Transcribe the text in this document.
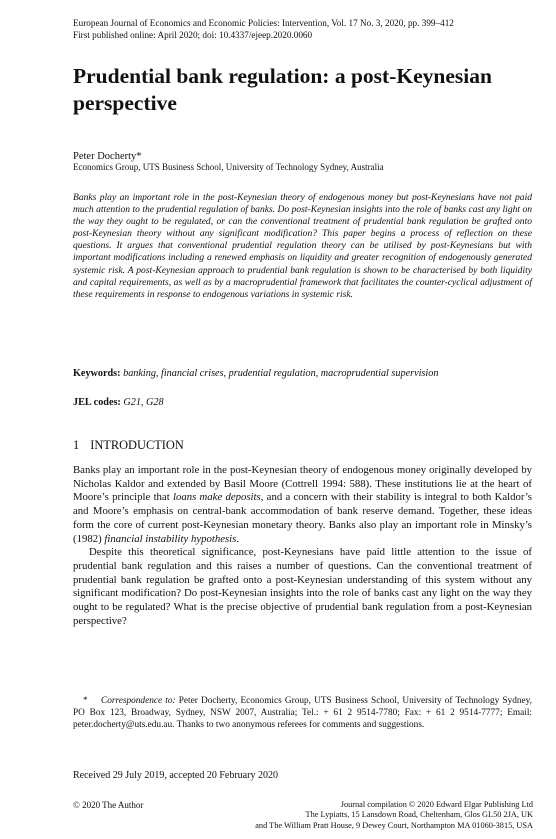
European Journal of Economics and Economic Policies: Intervention, Vol. 17 No. 3, 2020, pp. 399–412
First published online: April 2020; doi: 10.4337/ejeep.2020.0060
Prudential bank regulation: a post-Keynesian
perspective
Peter Docherty*
Economics Group, UTS Business School, University of Technology Sydney, Australia

Banks play an important role in the post-Keynesian theory of endogenous money but post-Keynesians have not paid much attention to the prudential regulation of banks. Do post-Keynesian insights into the role of banks cast any light on the way they ought to be regulated, or can the conventional treatment of prudential bank regulation be grafted onto post-Keynesian theory without any significant modification? This paper begins a process of reflection on these questions. It argues that conventional prudential regulation theory can be utilised by post-Keynesians but with important modifications including a renewed emphasis on liquidity and greater recognition of endogenously generated systemic risk. A post-Keynesian approach to prudential bank regulation is shown to be characterised by both liquidity and capital requirements, as well as by a macroprudential framework that facilitates the counter-cyclical adjustment of these requirements in response to endogenous variations in systemic risk.

Keywords: banking, financial crises, prudential regulation, macroprudential supervision
JEL codes: G21, G28
1 INTRODUCTION

Banks play an important role in the post-Keynesian theory of endogenous money originally developed by Nicholas Kaldor and extended by Basil Moore (Cottrell 1994: 588). These institutions lie at the heart of Moore’s principle that loans make deposits, and a concern with their stability is integral to both Kaldor’s and Moore’s emphasis on central-bank accommodation of bank reserve demand. Together, these ideas form the core of current post-Keynesian monetary theory. Banks also play an important role in Minsky’s (1982) financial instability hypothesis.

Despite this theoretical significance, post-Keynesians have paid little attention to the issue of prudential bank regulation and this raises a number of questions. Can the conventional treatment of prudential bank regulation be grafted onto a post-Keynesian understanding of this system without any significant modification? Do post-Keynesian insights into the role of banks cast any light on the way they ought to be regulated? What is the precise objective of prudential bank regulation from a post-Keynesian perspective?

* Correspondence to: Peter Docherty, Economics Group, UTS Business School, University of Technology Sydney, PO Box 123, Broadway, Sydney, NSW 2007, Australia; Tel.: + 61 2 9514-7780; Fax: + 61 2 9514-7777; Email: peter.docherty@uts.edu.au. Thanks to two anonymous referees for comments and suggestions.
Received 29 July 2019, accepted 20 February 2020
© 2020 The Author	Journal compilation © 2020 Edward Elgar Publishing Ltd
The Lypiatts, 15 Lansdown Road, Cheltenham, Glos GL50 2JA, UK
and The William Pratt House, 9 Dewey Court, Northampton MA 01060-3815, USA
